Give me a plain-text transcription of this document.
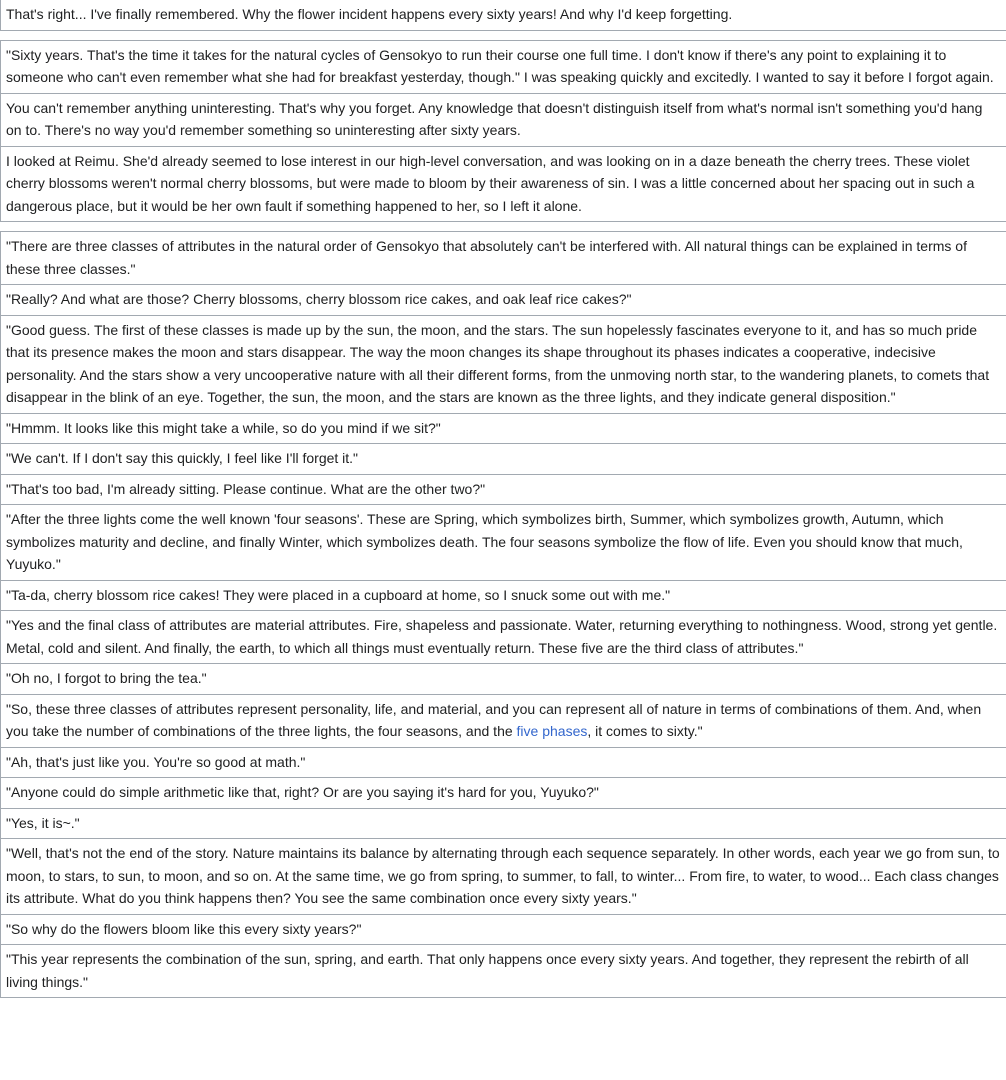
That's right... I've finally remembered. Why the flower incident happens every sixty years! And why I'd keep forgetting.
"Sixty years. That's the time it takes for the natural cycles of Gensokyo to run their course one full time. I don't know if there's any point to explaining it to someone who can't even remember what she had for breakfast yesterday, though." I was speaking quickly and excitedly. I wanted to say it before I forgot again.
You can't remember anything uninteresting. That's why you forget. Any knowledge that doesn't distinguish itself from what's normal isn't something you'd hang on to. There's no way you'd remember something so uninteresting after sixty years.
I looked at Reimu. She'd already seemed to lose interest in our high-level conversation, and was looking on in a daze beneath the cherry trees. These violet cherry blossoms weren't normal cherry blossoms, but were made to bloom by their awareness of sin. I was a little concerned about her spacing out in such a dangerous place, but it would be her own fault if something happened to her, so I left it alone.
"There are three classes of attributes in the natural order of Gensokyo that absolutely can't be interfered with. All natural things can be explained in terms of these three classes."
"Really? And what are those? Cherry blossoms, cherry blossom rice cakes, and oak leaf rice cakes?"
"Good guess. The first of these classes is made up by the sun, the moon, and the stars. The sun hopelessly fascinates everyone to it, and has so much pride that its presence makes the moon and stars disappear. The way the moon changes its shape throughout its phases indicates a cooperative, indecisive personality. And the stars show a very uncooperative nature with all their different forms, from the unmoving north star, to the wandering planets, to comets that disappear in the blink of an eye. Together, the sun, the moon, and the stars are known as the three lights, and they indicate general disposition."
"Hmmm. It looks like this might take a while, so do you mind if we sit?"
"We can't. If I don't say this quickly, I feel like I'll forget it."
"That's too bad, I'm already sitting. Please continue. What are the other two?"
"After the three lights come the well known 'four seasons'. These are Spring, which symbolizes birth, Summer, which symbolizes growth, Autumn, which symbolizes maturity and decline, and finally Winter, which symbolizes death. The four seasons symbolize the flow of life. Even you should know that much, Yuyuko."
"Ta-da, cherry blossom rice cakes! They were placed in a cupboard at home, so I snuck some out with me."
"Yes and the final class of attributes are material attributes. Fire, shapeless and passionate. Water, returning everything to nothingness. Wood, strong yet gentle. Metal, cold and silent. And finally, the earth, to which all things must eventually return. These five are the third class of attributes."
"Oh no, I forgot to bring the tea."
"So, these three classes of attributes represent personality, life, and material, and you can represent all of nature in terms of combinations of them. And, when you take the number of combinations of the three lights, the four seasons, and the five phases, it comes to sixty."
"Ah, that's just like you. You're so good at math."
"Anyone could do simple arithmetic like that, right? Or are you saying it's hard for you, Yuyuko?"
"Yes, it is~."
"Well, that's not the end of the story. Nature maintains its balance by alternating through each sequence separately. In other words, each year we go from sun, to moon, to stars, to sun, to moon, and so on. At the same time, we go from spring, to summer, to fall, to winter... From fire, to water, to wood... Each class changes its attribute. What do you think happens then? You see the same combination once every sixty years."
"So why do the flowers bloom like this every sixty years?"
"This year represents the combination of the sun, spring, and earth. That only happens once every sixty years. And together, they represent the rebirth of all living things."
